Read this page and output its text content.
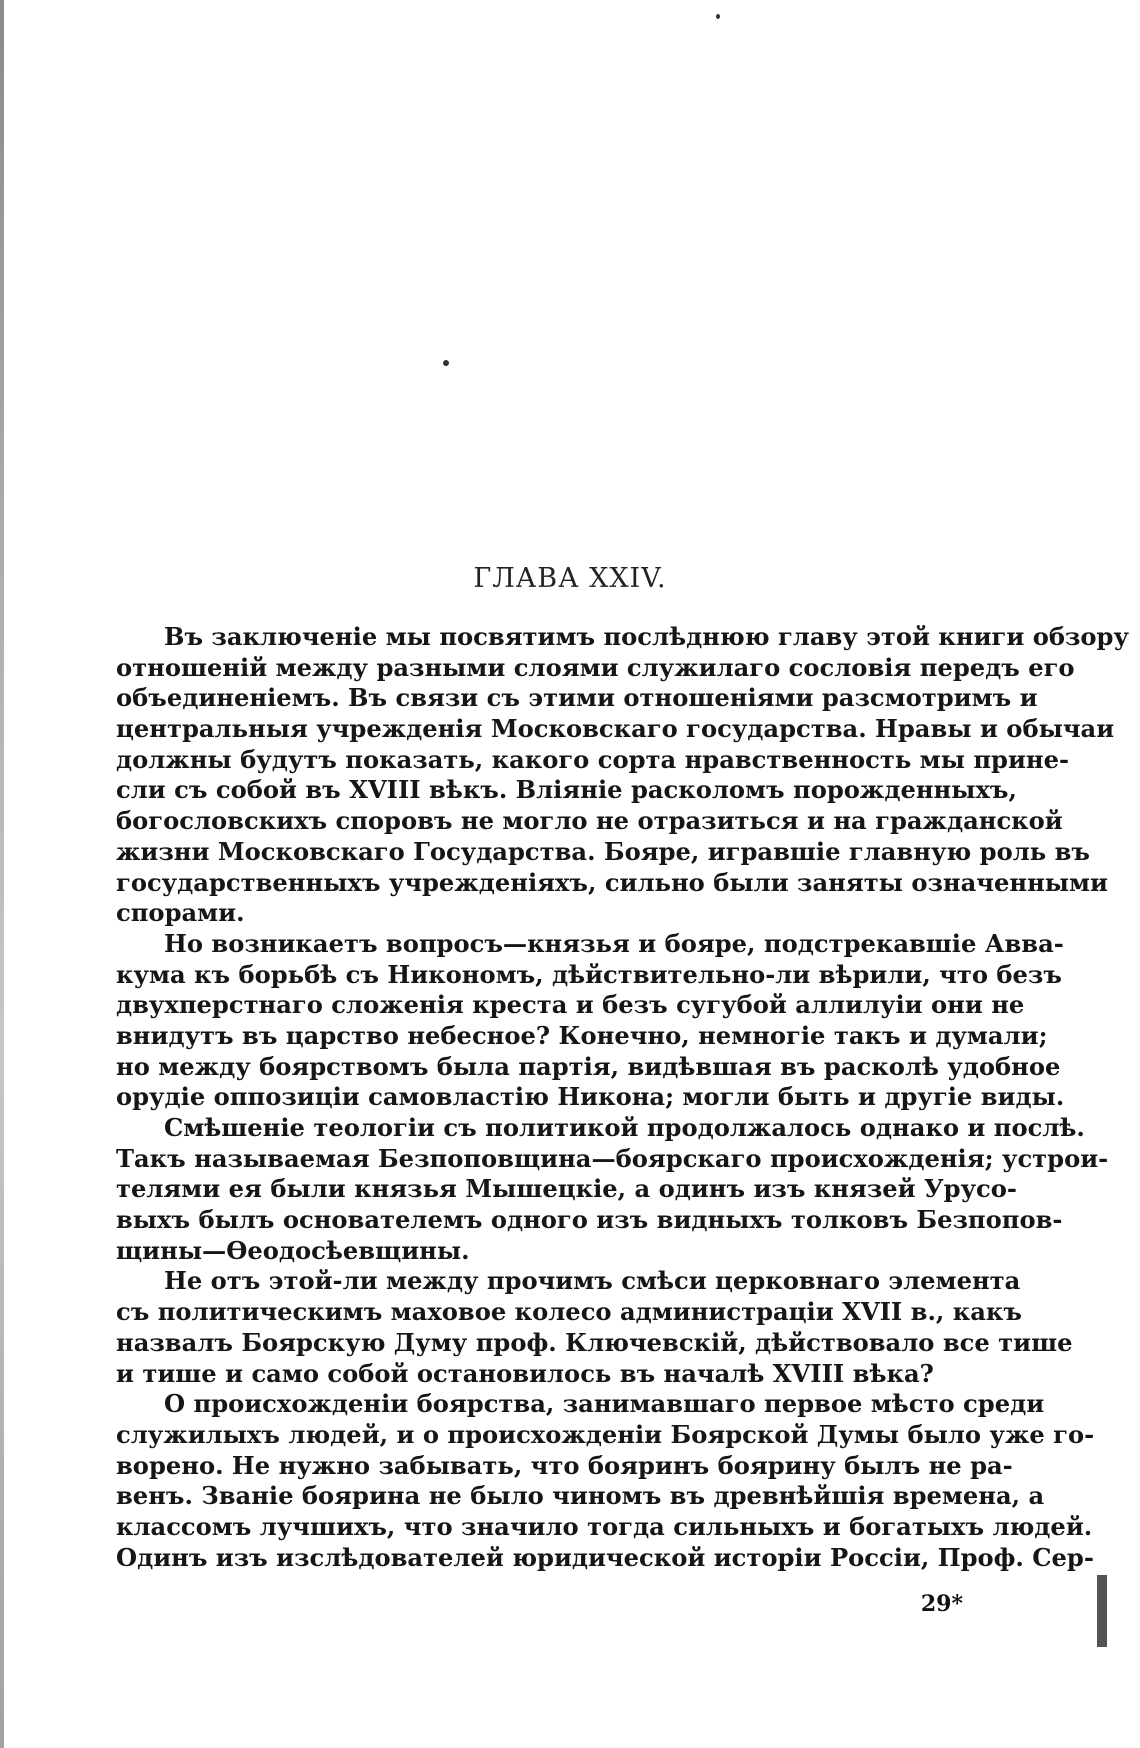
ГЛАВА XXIV.
Въ заключеніе мы посвятимъ послѣднюю главу этой книги обзору
отношеній между разными слоями служилаго сословія передъ его
объединеніемъ. Въ связи съ этими отношеніями разсмотримъ и
центральныя учрежденія Московскаго государства. Нравы и обычаи
должны будутъ показать, какого сорта нравственность мы прине-
сли съ собой въ XVIII вѣкъ. Вліяніе расколомъ порожденныхъ,
богословскихъ споровъ не могло не отразиться и на гражданской
жизни Московскаго Государства. Бояре, игравшіе главную роль въ
государственныхъ учрежденіяхъ, сильно были заняты означенными
спорами.
Но возникаетъ вопросъ—князья и бояре, подстрекавшіе Авва-
кума къ борьбѣ съ Никономъ, дѣйствительно-ли вѣрили, что безъ
двухперстнаго сложенія креста и безъ сугубой аллилуіи они не
внидутъ въ царство небесное? Конечно, немногіе такъ и думали;
но между боярствомъ была партія, видѣвшая въ расколѣ удобное
орудіе оппозиціи самовластію Никона; могли быть и другіе виды.
Смѣшеніе теологіи съ политикой продолжалось однако и послѣ.
Такъ называемая Безпоповщина—боярскаго происхожденія; устрои-
телями ея были князья Мышецкіе, а одинъ изъ князей Урусо-
выхъ былъ основателемъ одного изъ видныхъ толковъ Безпопов-
щины—Ѳеодосѣевщины.
Не отъ этой-ли между прочимъ смѣси церковнаго элемента
съ политическимъ маховое колесо администраціи XVII в., какъ
назвалъ Боярскую Думу проф. Ключевскій, дѣйствовало все тише
и тише и само собой остановилось въ началѣ XVIII вѣка?
О происхожденіи боярства, занимавшаго первое мѣсто среди
служилыхъ людей, и о происхожденіи Боярской Думы было уже го-
ворено. Не нужно забывать, что бояринъ боярину былъ не ра-
венъ. Званіе боярина не было чиномъ въ древнѣйшія времена, а
классомъ лучшихъ, что значило тогда сильныхъ и богатыхъ людей.
Одинъ изъ изслѣдователей юридической исторіи Россіи, Проф. Сер-
29*
